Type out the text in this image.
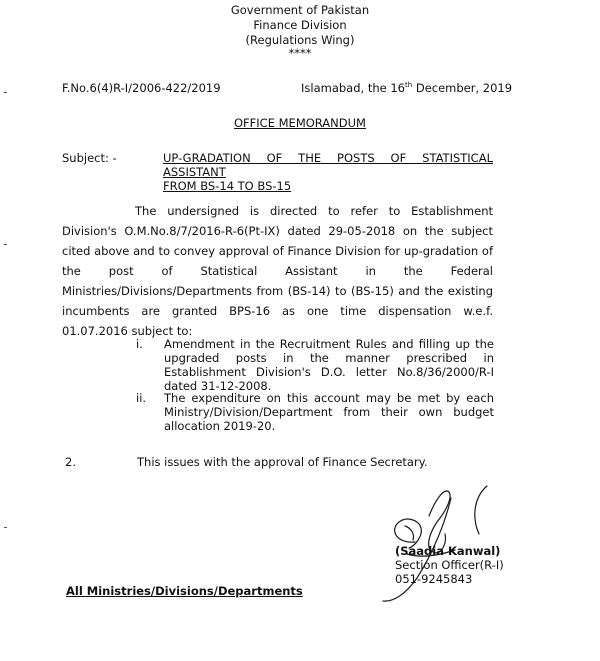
Government of Pakistan
Finance Division
(Regulations Wing)
****
F.No.6(4)R-I/2006-422/2019	Islamabad, the 16th December, 2019
OFFICE MEMORANDUM
Subject: -	UP-GRADATION OF THE POSTS OF STATISTICAL ASSISTANT
FROM BS-14 TO BS-15
The undersigned is directed to refer to Establishment Division's O.M.No.8/7/2016-R-6(Pt-IX) dated 29-05-2018 on the subject cited above and to convey approval of Finance Division for up-gradation of the post of Statistical Assistant in the Federal Ministries/Divisions/Departments from (BS-14) to (BS-15) and the existing incumbents are granted BPS-16 as one time dispensation w.e.f. 01.07.2016 subject to:
i. Amendment in the Recruitment Rules and filling up the upgraded posts in the manner prescribed in Establishment Division's D.O. letter No.8/36/2000/R-I dated 31-12-2008.
ii. The expenditure on this account may be met by each Ministry/Division/Department from their own budget allocation 2019-20.
2.	This issues with the approval of Finance Secretary.
(Saadia Kanwal)
Section Officer(R-I)
051-9245843
All Ministries/Divisions/Departments
